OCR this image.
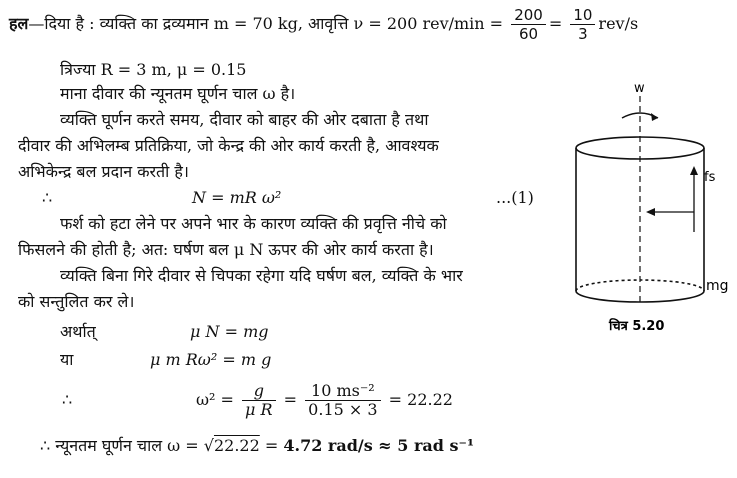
हल—दिया है : व्यक्ति का द्रव्यमान m = 70 kg, आवृत्ति ν = 200 $rev/\min = \frac{200}{60} = \frac{10}{3} rev/s$
त्रिज्या R = 3 m, μ = 0.15
माना दीवार की न्यूनतम घूर्णन चाल ω है।
व्यक्ति घूर्णन करते समय, दीवार को बाहर की ओर दबाता है तथा
दीवार की अभिलम्ब प्रतिक्रिया, जो केन्द्र की ओर कार्य करती है, आवश्यक
अभिकेन्द्र बल प्रदान करती है।
∴	N = mR ω²	...(1)
फर्श को हटा लेने पर अपने भार के कारण व्यक्ति की प्रवृत्ति नीचे को
फिसलने की होती है; अत: घर्षण बल μ N ऊपर की ओर कार्य करता है।
व्यक्ति बिना गिरे दीवार से चिपका रहेगा यदि घर्षण बल, व्यक्ति के भार
को सन्तुलित कर ले।
अर्थात्	μ N = mg
या	μ m Rω² = m g
∴	$\omega^2 = \frac{g}{\text{μ R}} = \frac{\text{10 ms⁻²}}{0.15 \times 3} = 22.22$
∴ न्यूनतम घूर्णन चाल ω = √22.22 = 4.72 rad/s ≈ 5 rad s⁻¹
w
fs
mg
चित्र 5.20
